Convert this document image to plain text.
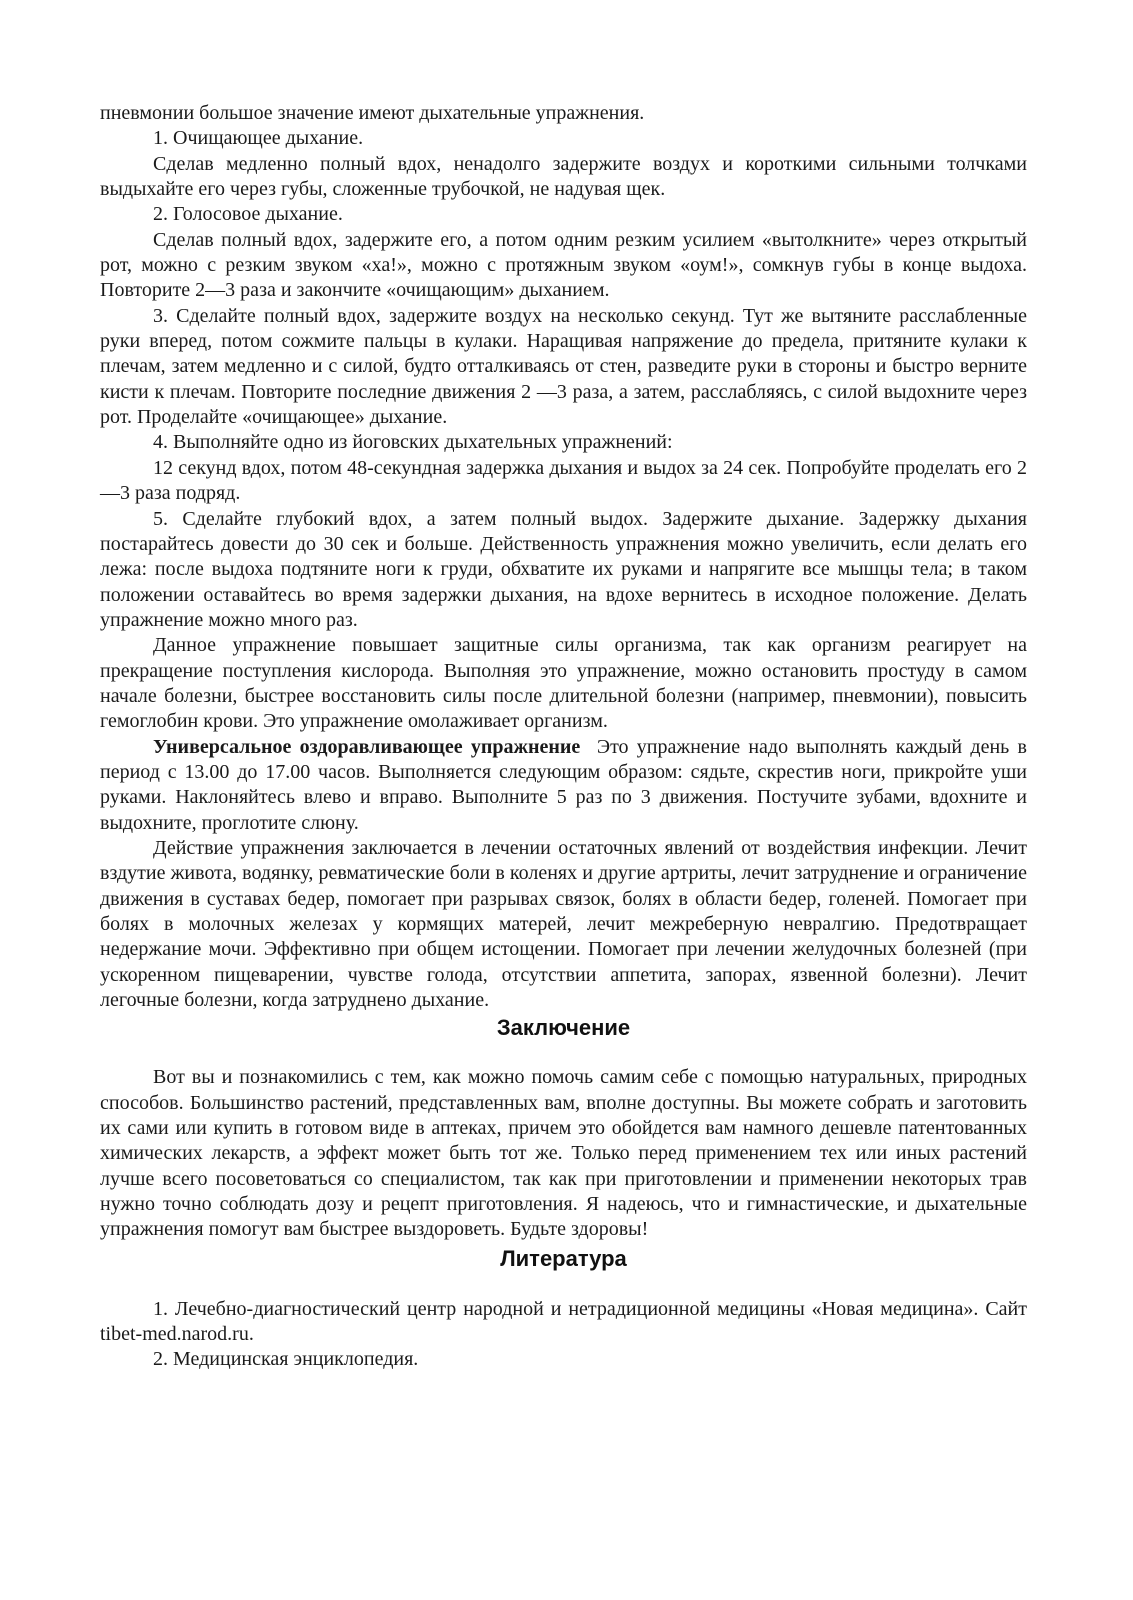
пневмонии большое значение имеют дыхательные упражнения.

1. Очищающее дыхание.

Сделав медленно полный вдох, ненадолго задержите воздух и короткими сильными толчками выдыхайте его через губы, сложенные трубочкой, не надувая щек.

2. Голосовое дыхание.

Сделав полный вдох, задержите его, а потом одним резким усилием «вытолкните» через открытый рот, можно с резким звуком «ха!», можно с протяжным звуком «оум!», сомкнув губы в конце выдоха. Повторите 2—3 раза и закончите «очищающим» дыханием.

3. Сделайте полный вдох, задержите воздух на несколько секунд. Тут же вытяните расслабленные руки вперед, потом сожмите пальцы в кулаки. Наращивая напряжение до предела, притяните кулаки к плечам, затем медленно и с силой, будто отталкиваясь от стен, разведите руки в стороны и быстро верните кисти к плечам. Повторите последние движения 2 —3 раза, а затем, расслабляясь, с силой выдохните через рот. Проделайте «очищающее» дыхание.

4. Выполняйте одно из йоговских дыхательных упражнений:

12 секунд вдох, потом 48-секундная задержка дыхания и выдох за 24 сек. Попробуйте проделать его 2—3 раза подряд.

5. Сделайте глубокий вдох, а затем полный выдох. Задержите дыхание. Задержку дыхания постарайтесь довести до 30 сек и больше. Действенность упражнения можно увеличить, если делать его лежа: после выдоха подтяните ноги к груди, обхватите их руками и напрягите все мышцы тела; в таком положении оставайтесь во время задержки дыхания, на вдохе вернитесь в исходное положение. Делать упражнение можно много раз.

Данное упражнение повышает защитные силы организма, так как организм реагирует на прекращение поступления кислорода. Выполняя это упражнение, можно остановить простуду в самом начале болезни, быстрее восстановить силы после длительной болезни (например, пневмонии), повысить гемоглобин крови. Это упражнение омолаживает организм.

Универсальное оздоравливающее упражнение Это упражнение надо выполнять каждый день в период с 13.00 до 17.00 часов. Выполняется следующим образом: сядьте, скрестив ноги, прикройте уши руками. Наклоняйтесь влево и вправо. Выполните 5 раз по 3 движения. Постучите зубами, вдохните и выдохните, проглотите слюну.

Действие упражнения заключается в лечении остаточных явлений от воздействия инфекции. Лечит вздутие живота, водянку, ревматические боли в коленях и другие артриты, лечит затруднение и ограничение движения в суставах бедер, помогает при разрывах связок, болях в области бедер, голеней. Помогает при болях в молочных железах у кормящих матерей, лечит межреберную невралгию. Предотвращает недержание мочи. Эффективно при общем истощении. Помогает при лечении желудочных болезней (при ускоренном пищеварении, чувстве голода, отсутствии аппетита, запорах, язвенной болезни). Лечит легочные болезни, когда затруднено дыхание.

Заключение

Вот вы и познакомились с тем, как можно помочь самим себе с помощью натуральных, природных способов. Большинство растений, представленных вам, вполне доступны. Вы можете собрать и заготовить их сами или купить в готовом виде в аптеках, причем это обойдется вам намного дешевле патентованных химических лекарств, а эффект может быть тот же. Только перед применением тех или иных растений лучше всего посоветоваться со специалистом, так как при приготовлении и применении некоторых трав нужно точно соблюдать дозу и рецепт приготовления. Я надеюсь, что и гимнастические, и дыхательные упражнения помогут вам быстрее выздороветь. Будьте здоровы!

Литература

1. Лечебно-диагностический центр народной и нетрадиционной медицины «Новая медицина». Сайт tibet-med.narod.ru.

2. Медицинская энциклопедия.
